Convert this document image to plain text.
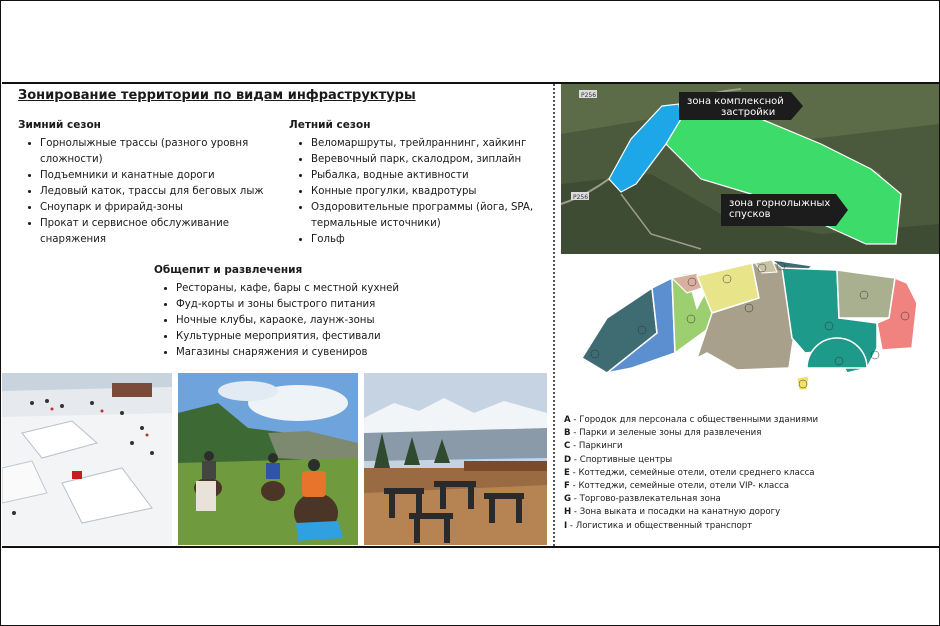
Зонирование территории по видам инфраструктуры
Зимний сезон
• Горнолыжные трассы (разного уровня сложности)
• Подъемники и канатные дороги
• Ледовый каток, трассы для беговых лыж
• Сноупарк и фрирайд-зоны
• Прокат и сервисное обслуживание снаряжения
Летний сезон
• Веломаршруты, трейлраннинг, хайкинг
• Веревочный парк, скалодром, зиплайн
• Рыбалка, водные активности
• Конные прогулки, квадротуры
• Оздоровительные программы (йога, SPA, термальные источники)
• Гольф
Общепит и развлечения
• Рестораны, кафе, бары с местной кухней
• Фуд-корты и зоны быстрого питания
• Ночные клубы, караоке, лаунж-зоны
• Культурные мероприятия, фестивали
• Магазины снаряжения и сувениров
Р256
Р256
зона комплексной застройки
зона горнолыжных спусков
A - Городок для персонала с общественными зданиями
B - Парки и зеленые зоны для развлечения
C - Паркинги
D - Спортивные центры
E - Коттеджи, семейные отели, отели среднего класса
F - Коттеджи, семейные отели, отели VIP- класса
G - Торгово-развлекательная зона
H - Зона выката и посадки на канатную дорогу
I - Логистика и общественный транспорт
